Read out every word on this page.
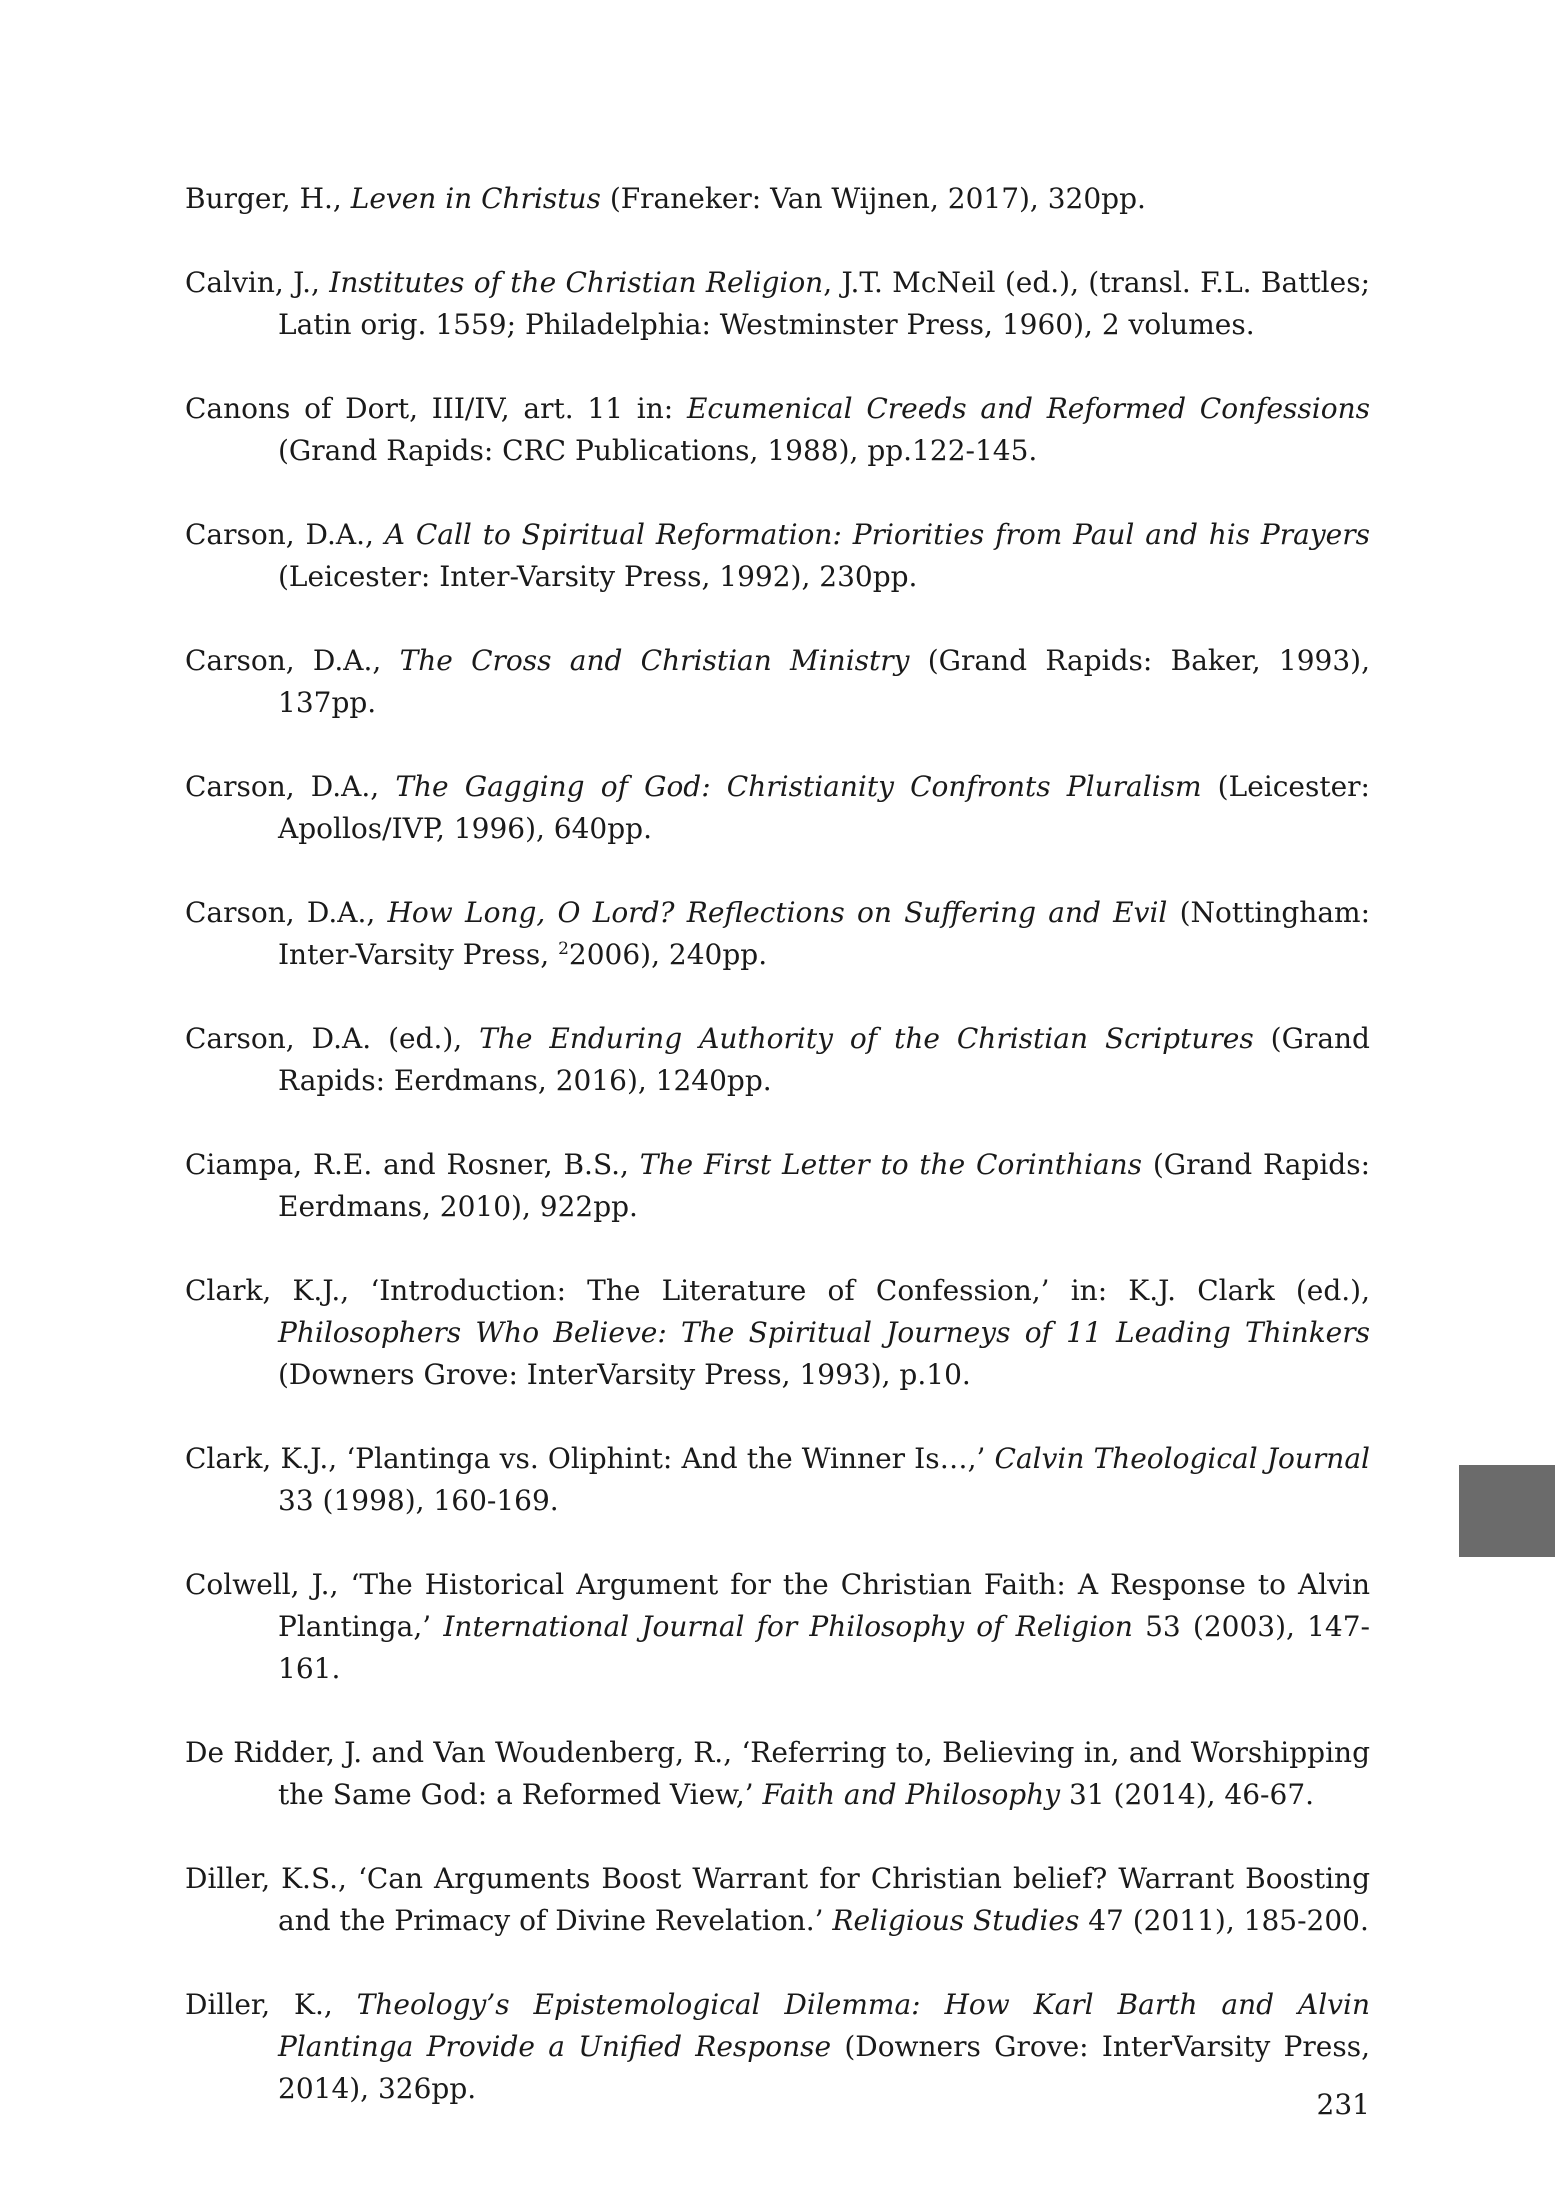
Burger, H., Leven in Christus (Franeker: Van Wijnen, 2017), 320pp.

Calvin, J., Institutes of the Christian Religion, J.T. McNeil (ed.), (transl. F.L. Battles; Latin orig. 1559; Philadelphia: Westminster Press, 1960), 2 volumes.

Canons of Dort, III/IV, art. 11 in: Ecumenical Creeds and Reformed Confessions (Grand Rapids: CRC Publications, 1988), pp.122-145.

Carson, D.A., A Call to Spiritual Reformation: Priorities from Paul and his Prayers (Leicester: Inter-Varsity Press, 1992), 230pp.

Carson, D.A., The Cross and Christian Ministry (Grand Rapids: Baker, 1993), 137pp.

Carson, D.A., The Gagging of God: Christianity Confronts Pluralism (Leicester: Apollos/IVP, 1996), 640pp.

Carson, D.A., How Long, O Lord? Reflections on Suffering and Evil (Nottingham: Inter-Varsity Press, $^2$2006), 240pp.

Carson, D.A. (ed.), The Enduring Authority of the Christian Scriptures (Grand Rapids: Eerdmans, 2016), 1240pp.

Ciampa, R.E. and Rosner, B.S., The First Letter to the Corinthians (Grand Rapids: Eerdmans, 2010), 922pp.

Clark, K.J., ‘Introduction: The Literature of Confession,’ in: K.J. Clark (ed.), Philosophers Who Believe: The Spiritual Journeys of 11 Leading Thinkers (Downers Grove: InterVarsity Press, 1993), p.10.

Clark, K.J., ‘Plantinga vs. Oliphint: And the Winner Is…,’ Calvin Theological Journal 33 (1998), 160-169.

Colwell, J., ‘The Historical Argument for the Christian Faith: A Response to Alvin Plantinga,’ International Journal for Philosophy of Religion 53 (2003), 147-161.

De Ridder, J. and Van Woudenberg, R., ‘Referring to, Believing in, and Worshipping the Same God: a Reformed View,’ Faith and Philosophy 31 (2014), 46-67.

Diller, K.S., ‘Can Arguments Boost Warrant for Christian belief? Warrant Boosting and the Primacy of Divine Revelation.’ Religious Studies 47 (2011), 185-200.

Diller, K., Theology’s Epistemological Dilemma: How Karl Barth and Alvin Plantinga Provide a Unified Response (Downers Grove: InterVarsity Press, 2014), 326pp.	231
